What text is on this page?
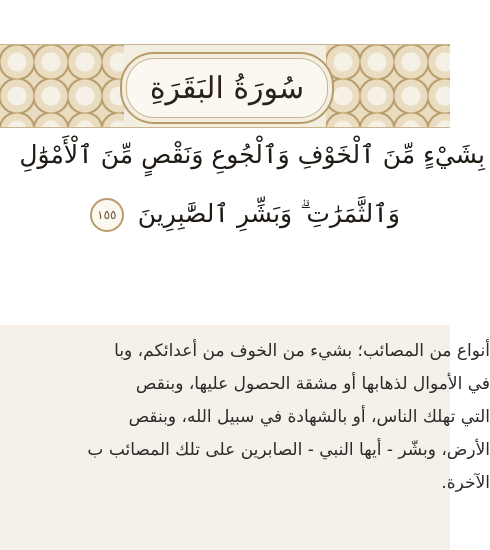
سُورَةُ البَقَرَةِ
بِشَيْءٍ مِّنَ ٱلْخَوْفِ وَٱلْجُوعِ وَنَقْصٍ مِّنَ ٱلْأَمْوَٰلِ
وَٱلثَّمَرَٰتِ ۗ وَبَشِّرِ ٱلصَّٰبِرِينَ ١٥٥

أنواع من المصائب؛ بشيء من الخوف من أعدائكم، وبا
في الأموال لذهابها أو مشقة الحصول عليها، وبنقص
التي تهلك الناس، أو بالشهادة في سبيل الله، وبنقص
الأرض، وبشّر - أيها النبي - الصابرين على تلك المصائب ب
الآخرة.
